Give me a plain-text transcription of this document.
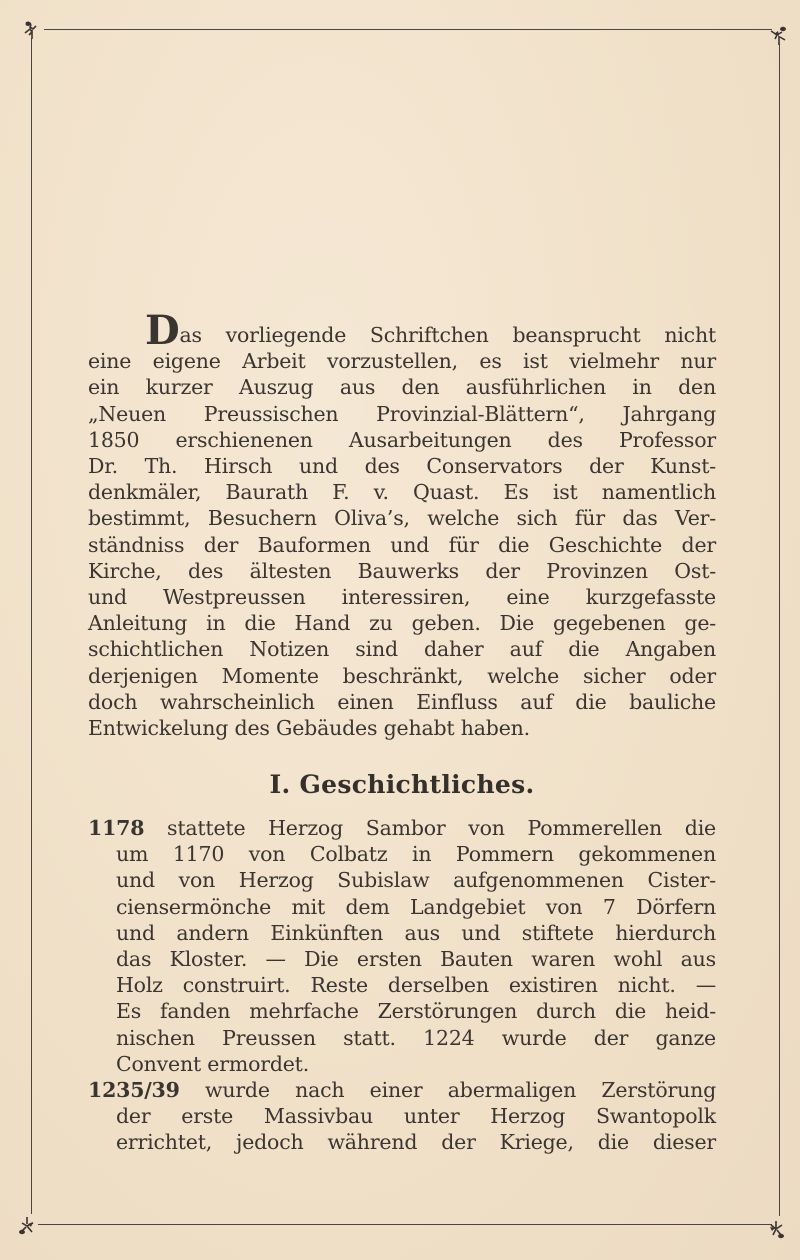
Das vorliegende Schriftchen beansprucht nicht
eine eigene Arbeit vorzustellen, es ist vielmehr nur
ein kurzer Auszug aus den ausführlichen in den
„Neuen Preussischen Provinzial-Blättern“, Jahrgang
1850 erschienenen Ausarbeitungen des Professor
Dr. Th. Hirsch und des Conservators der Kunst-
denkmäler, Baurath F. v. Quast. Es ist namentlich
bestimmt, Besuchern Oliva’s, welche sich für das Ver-
ständniss der Bauformen und für die Geschichte der
Kirche, des ältesten Bauwerks der Provinzen Ost-
und Westpreussen interessiren, eine kurzgefasste
Anleitung in die Hand zu geben. Die gegebenen ge-
schichtlichen Notizen sind daher auf die Angaben
derjenigen Momente beschränkt, welche sicher oder
doch wahrscheinlich einen Einfluss auf die bauliche
Entwickelung des Gebäudes gehabt haben.
I. Geschichtliches.
1178 stattete Herzog Sambor von Pommerellen die
um 1170 von Colbatz in Pommern gekommenen
und von Herzog Subislaw aufgenommenen Cister-
ciensermönche mit dem Landgebiet von 7 Dörfern
und andern Einkünften aus und stiftete hierdurch
das Kloster. — Die ersten Bauten waren wohl aus
Holz construirt. Reste derselben existiren nicht. —
Es fanden mehrfache Zerstörungen durch die heid-
nischen Preussen statt. 1224 wurde der ganze
Convent ermordet.
1235/39 wurde nach einer abermaligen Zerstörung
der erste Massivbau unter Herzog Swantopolk
errichtet, jedoch während der Kriege, die dieser
